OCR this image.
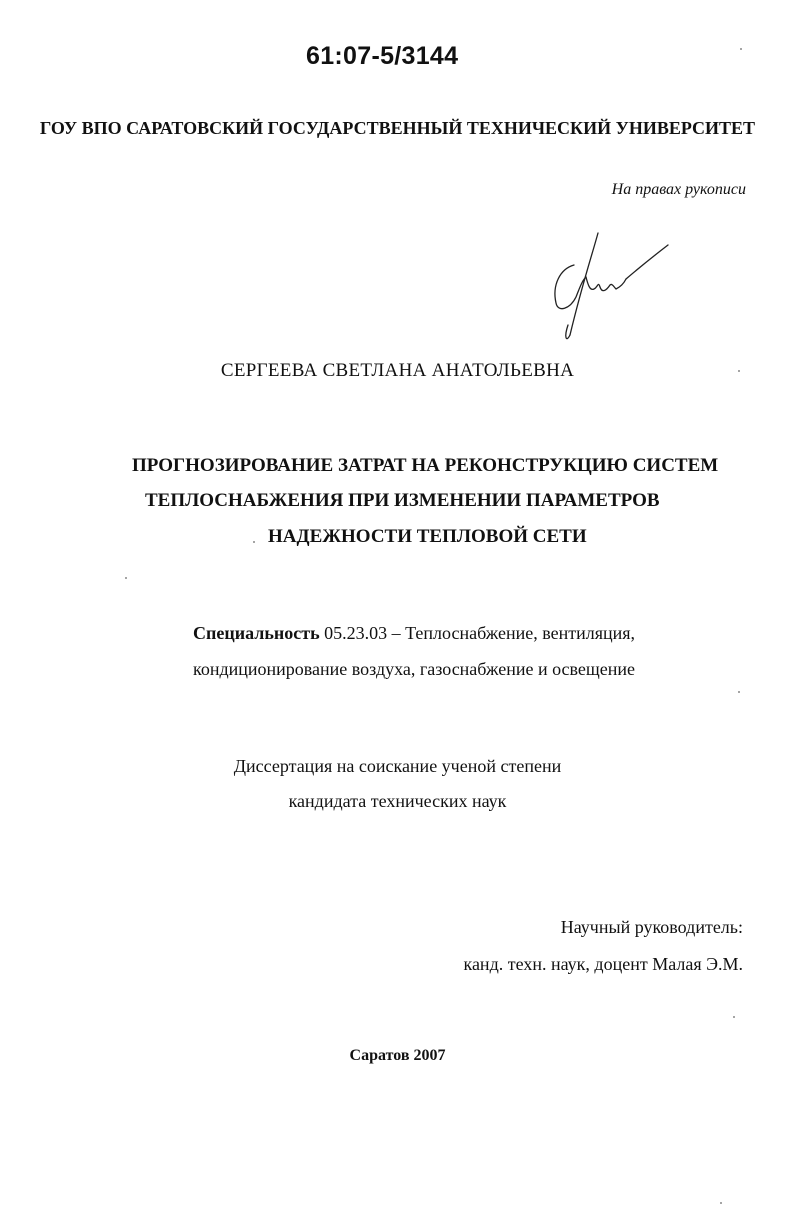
61:07-5/3144
ГОУ ВПО САРАТОВСКИЙ ГОСУДАРСТВЕННЫЙ ТЕХНИЧЕСКИЙ УНИВЕРСИТЕТ
На правах рукописи
СЕРГЕЕВА СВЕТЛАНА АНАТОЛЬЕВНА
ПРОГНОЗИРОВАНИЕ ЗАТРАТ НА РЕКОНСТРУКЦИЮ СИСТЕМ
ТЕПЛОСНАБЖЕНИЯ ПРИ ИЗМЕНЕНИИ ПАРАМЕТРОВ
НАДЕЖНОСТИ ТЕПЛОВОЙ СЕТИ
Специальность 05.23.03 – Теплоснабжение, вентиляция,
кондиционирование воздуха, газоснабжение и освещение
Диссертация на соискание ученой степени
кандидата технических наук
Научный руководитель:
канд. техн. наук, доцент Малая Э.М.
Саратов 2007
